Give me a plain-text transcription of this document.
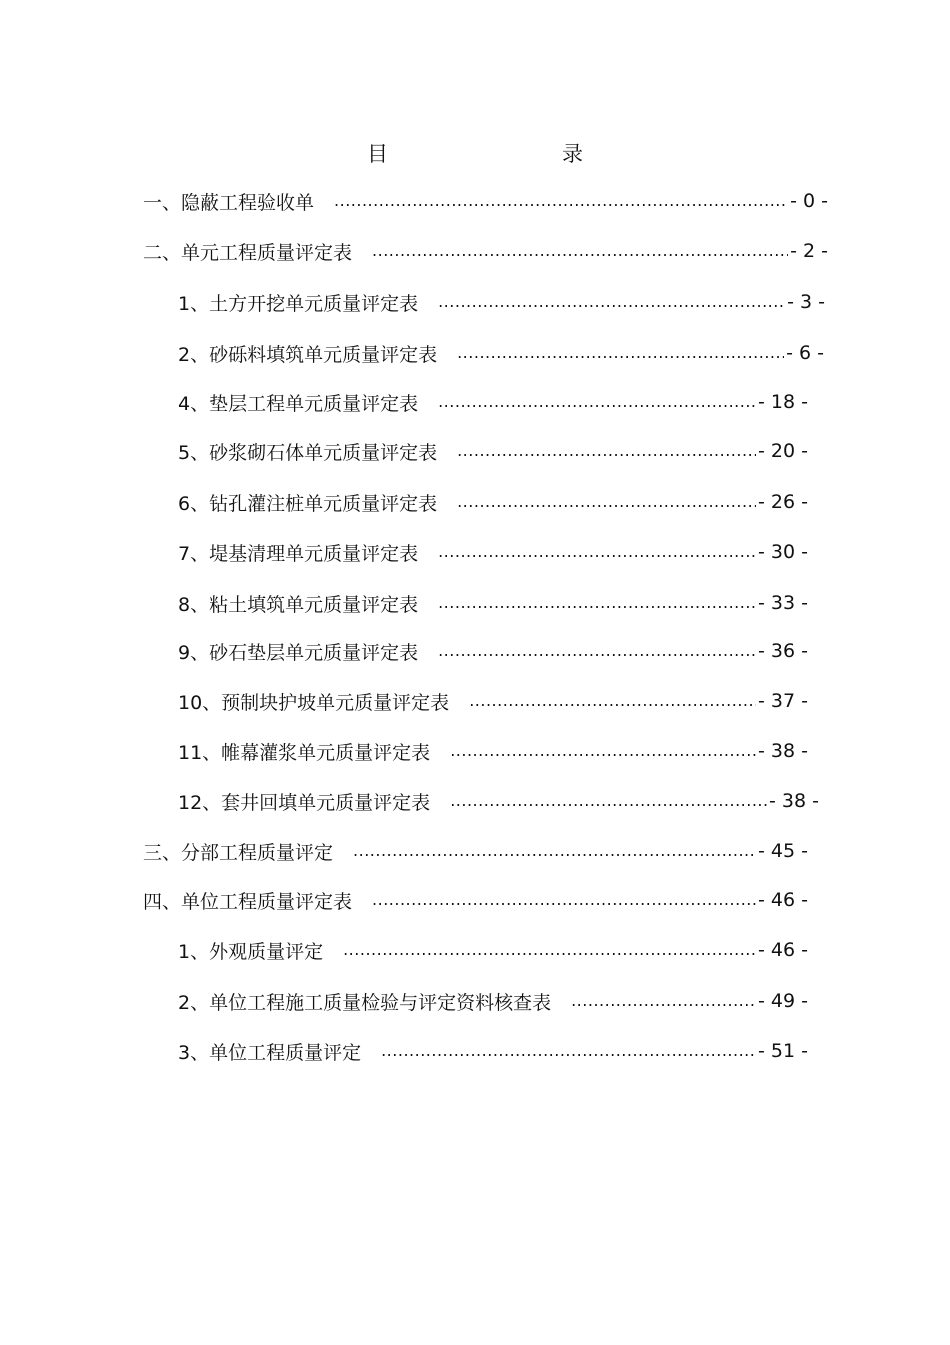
目　　录
一、隐蔽工程验收单 .....	- 0 -
二、单元工程质量评定表 .....	- 2 -
1、土方开挖单元质量评定表 .....	- 3 -
2、砂砾料填筑单元质量评定表 .....	- 6 -
4、垫层工程单元质量评定表 .....	- 18 -
5、砂浆砌石体单元质量评定表 .....	- 20 -
6、钻孔灌注桩单元质量评定表 .....	- 26 -
7、堤基清理单元质量评定表 .....	- 30 -
8、粘土填筑单元质量评定表 .....	- 33 -
9、砂石垫层单元质量评定表 .....	- 36 -
10、预制块护坡单元质量评定表 .....	- 37 -
11、帷幕灌浆单元质量评定表 .....	- 38 -
12、套井回填单元质量评定表 .....	- 38 -
三、分部工程质量评定 .....	- 45 -
四、单位工程质量评定表 .....	- 46 -
1、外观质量评定 .....	- 46 -
2、单位工程施工质量检验与评定资料核查表 .....	- 49 -
3、单位工程质量评定 .....	- 51 -
